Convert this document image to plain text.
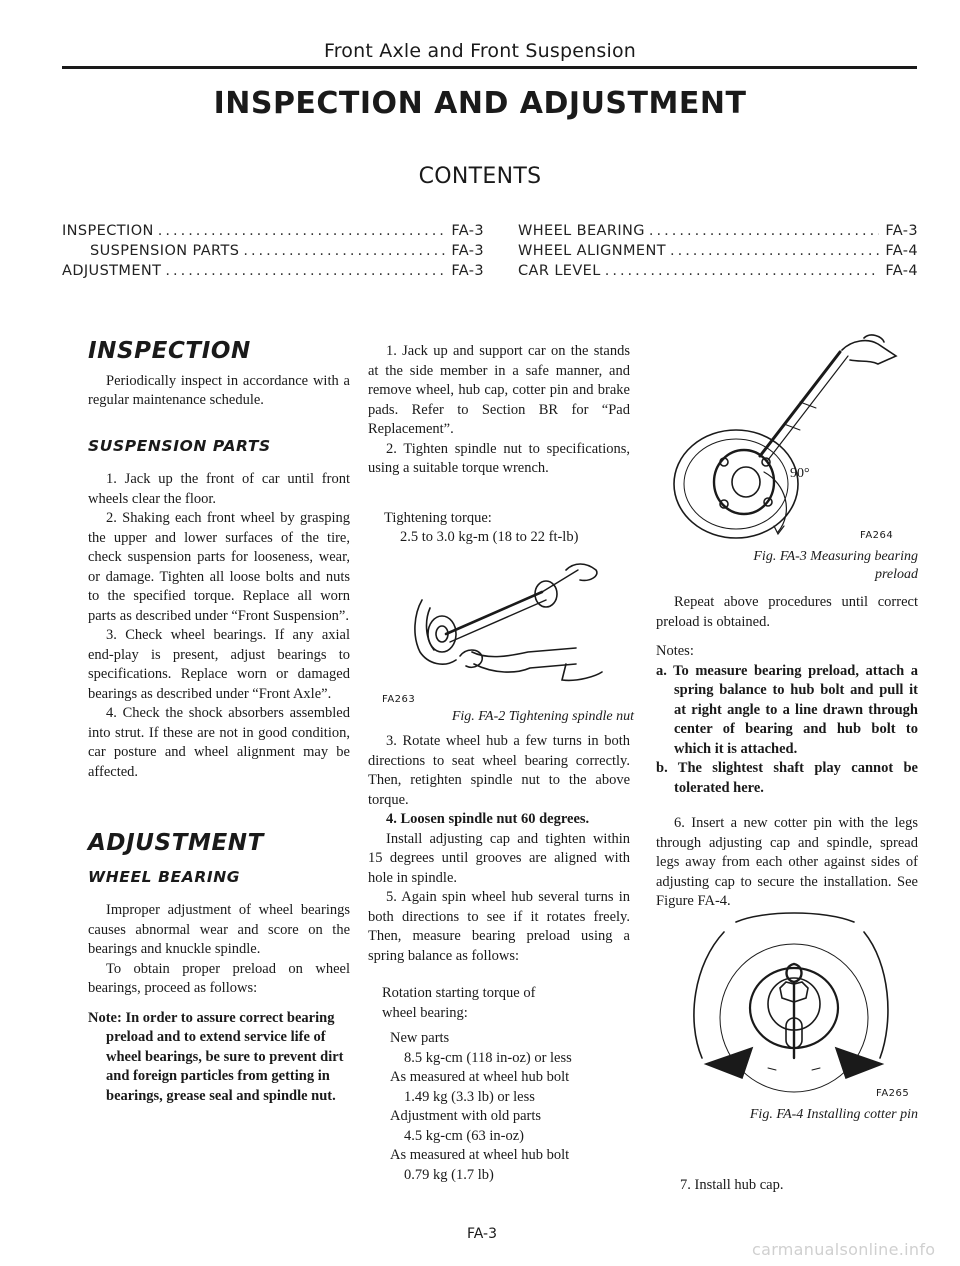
Front Axle and Front Suspension
INSPECTION AND ADJUSTMENT
CONTENTS
INSPECTION .....	FA-3
SUSPENSION PARTS .....	FA-3
ADJUSTMENT .....	FA-3
WHEEL BEARING .....	FA-3
WHEEL ALIGNMENT .....	FA-4
CAR LEVEL .....	FA-4

INSPECTION

Periodically inspect in accordance with a regular maintenance schedule.

SUSPENSION PARTS

1. Jack up the front of car until front wheels clear the floor.

2. Shaking each front wheel by grasping the upper and lower surfaces of the tire, check suspension parts for looseness, wear, or damage. Tighten all loose bolts and nuts to the specified torque. Replace all worn parts as described under “Front Suspension”.

3. Check wheel bearings. If any axial end-play is present, adjust bearings to specifications. Replace worn or damaged bearings as described under “Front Axle”.

4. Check the shock absorbers assembled into strut. If these are not in good condition, car posture and wheel alignment may be affected.

ADJUSTMENT

WHEEL BEARING

Improper adjustment of wheel bearings causes abnormal wear and score on the bearings and knuckle spindle.

To obtain proper preload on wheel bearings, proceed as follows:

Note: In order to assure correct bearing preload and to extend service life of wheel bearings, be sure to prevent dirt and foreign particles from getting in bearings, grease seal and spindle nut.

1. Jack up and support car on the stands at the side member in a safe manner, and remove wheel, hub cap, cotter pin and brake pads. Refer to Section BR for “Pad Replacement”.

2. Tighten spindle nut to specifications, using a suitable torque wrench.

Tightening torque:

2.5 to 3.0 kg-m (18 to 22 ft-lb)

FA263
Fig. FA-2 Tightening spindle nut

3. Rotate wheel hub a few turns in both directions to seat wheel bearing correctly. Then, retighten spindle nut to the above torque.

4. Loosen spindle nut 60 degrees.

Install adjusting cap and tighten within 15 degrees until grooves are aligned with hole in spindle.

5. Again spin wheel hub several turns in both directions to see if it rotates freely. Then, measure bearing preload using a spring balance as follows:

Rotation starting torque of wheel bearing:

New parts

8.5 kg-cm (118 in-oz) or less

As measured at wheel hub bolt

1.49 kg (3.3 lb) or less

Adjustment with old parts

4.5 kg-cm (63 in-oz)

As measured at wheel hub bolt

0.79 kg (1.7 lb)

90°
FA264
Fig. FA-3 Measuring bearing
preload

Repeat above procedures until correct preload is obtained.

Notes:

a. To measure bearing preload, attach a spring balance to hub bolt and pull it at right angle to a line drawn through center of bearing and hub bolt to which it is attached.

b. The slightest shaft play cannot be tolerated here.

6. Insert a new cotter pin with the legs through adjusting cap and spindle, spread legs away from each other against sides of adjusting cap to secure the installation. See Figure FA-4.

FA265
Fig. FA-4 Installing cotter pin

7. Install hub cap.

FA-3
carmanualsonline.info
